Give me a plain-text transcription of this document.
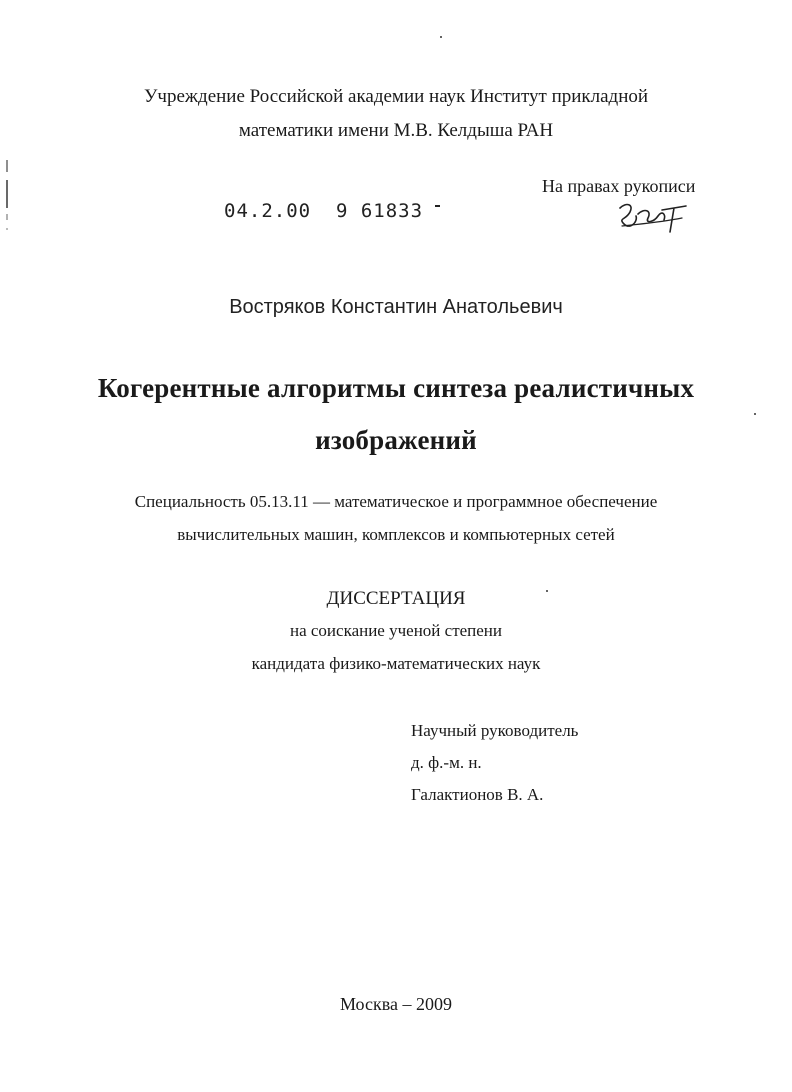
Учреждение Российской академии наук Институт прикладной
математики имени М.В. Келдыша РАН
На правах рукописи
04.2.00  9 61833
Востряков Константин Анатольевич
Когерентные алгоритмы синтеза реалистичных
изображений
Специальность 05.13.11 — математическое и программное обеспечение
вычислительных машин, комплексов и компьютерных сетей
ДИССЕРТАЦИЯ
на соискание ученой степени
кандидата физико-математических наук
Научный руководитель
д. ф.-м. н.
Галактионов В. А.
Москва – 2009
